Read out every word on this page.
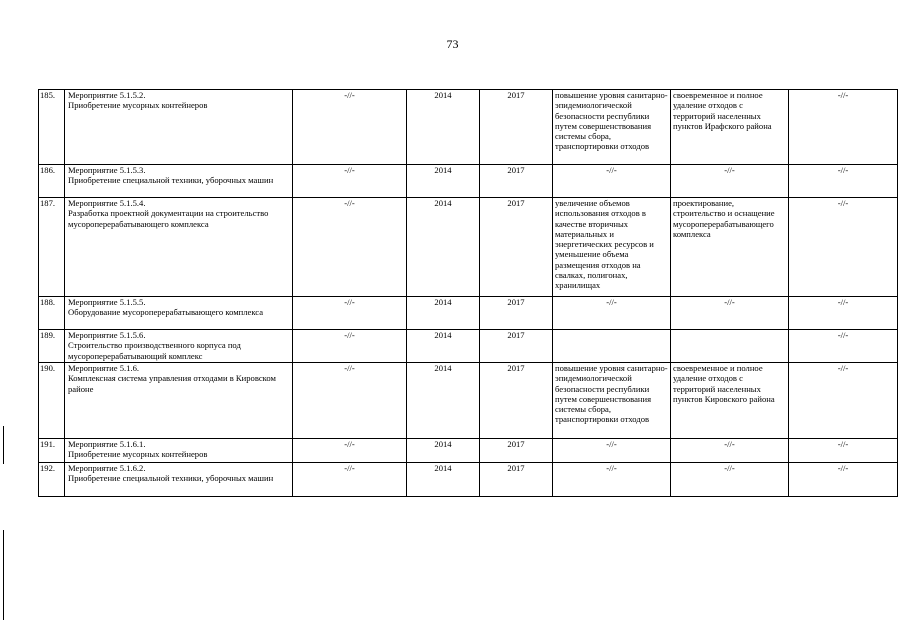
73
185.	Мероприятие 5.1.5.2.
Приобретение мусорных контейнеров	-//-	2014	2017	повышение уровня санитарно-эпидемиологической безопасности республики путем совершенствования системы сбора, транспортировки отходов	своевременное и полное удаление отходов с территорий населенных пунктов Ирафского района	-//-
186.	Мероприятие 5.1.5.3.
Приобретение специальной техники, уборочных машин	-//-	2014	2017	-//-	-//-	-//-
187.	Мероприятие 5.1.5.4.
Разработка проектной документации на строительство мусороперерабатывающего комплекса	-//-	2014	2017	увеличение объемов использования отходов в качестве вторичных материальных и энергетических ресурсов и уменьшение объема размещения отходов на свалках, полигонах, хранилищах	проектирование, строительство и оснащение мусороперерабатывающего комплекса	-//-
188.	Мероприятие 5.1.5.5.
Оборудование мусороперерабатывающего комплекса	-//-	2014	2017	-//-	-//-	-//-
189.	Мероприятие 5.1.5.6.
Строительство производственного корпуса под мусороперерабатывающий комплекс	-//-	2014	2017			-//-
190.	Мероприятие 5.1.6.
Комплексная система управления отходами в Кировском районе	-//-	2014	2017	повышение уровня санитарно-эпидемиологической безопасности республики путем совершенствования системы сбора, транспортировки отходов	своевременное и полное удаление отходов с территорий населенных пунктов Кировского района	-//-
191.	Мероприятие 5.1.6.1.
Приобретение мусорных контейнеров	-//-	2014	2017	-//-	-//-	-//-
192.	Мероприятие 5.1.6.2.
Приобретение специальной техники, уборочных машин	-//-	2014	2017	-//-	-//-	-//-
